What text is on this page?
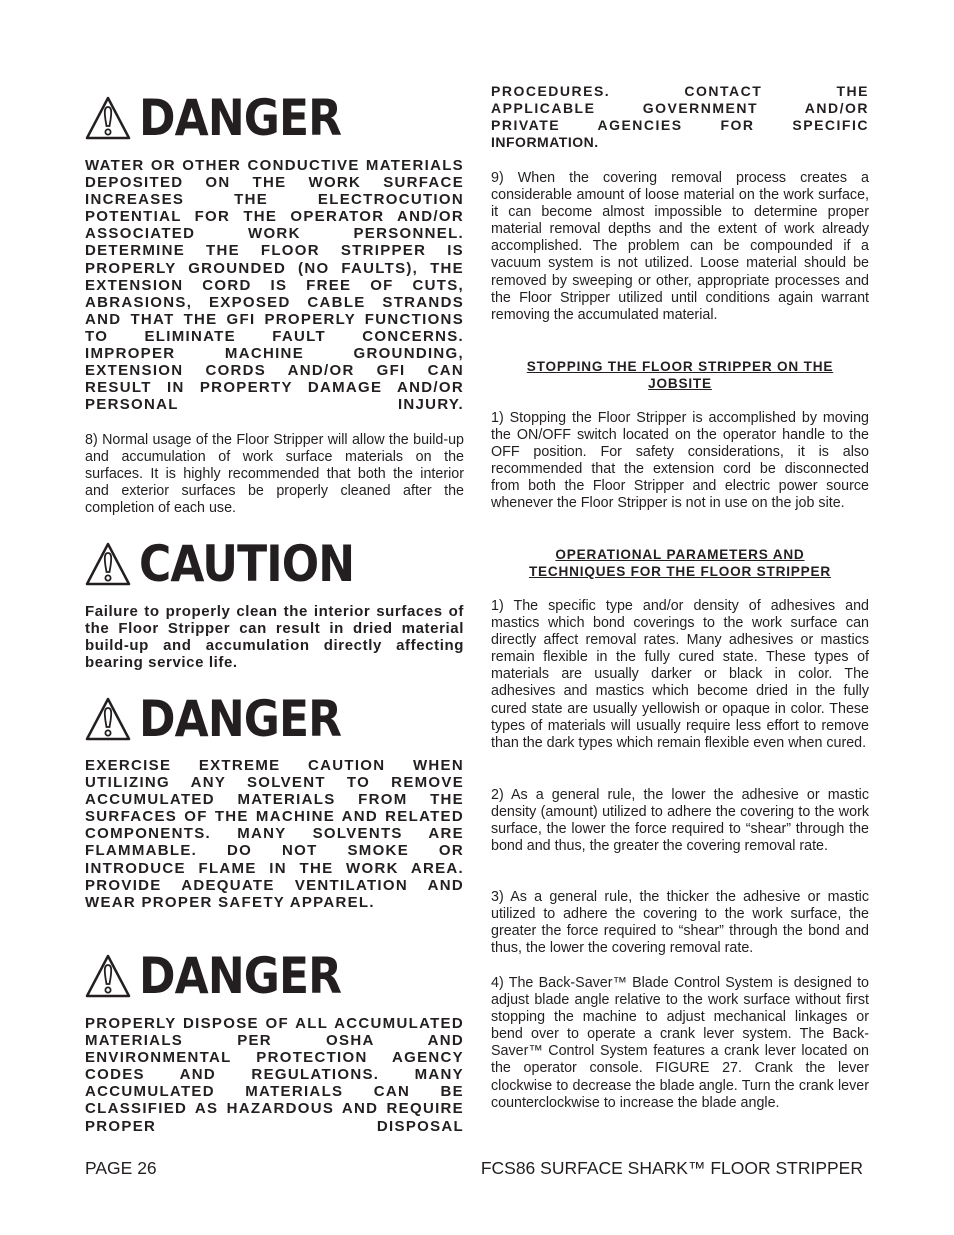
DANGER

WATER OR OTHER CONDUCTIVE MATERIALS DEPOSITED ON THE WORK SURFACE INCREASES THE ELECTROCUTION POTENTIAL FOR THE OPERATOR AND/OR ASSOCIATED WORK PERSONNEL. DETERMINE THE FLOOR STRIPPER IS PROPERLY GROUNDED (NO FAULTS), THE EXTENSION CORD IS FREE OF CUTS, ABRASIONS, EXPOSED CABLE STRANDS AND THAT THE GFI PROPERLY FUNCTIONS TO ELIMINATE FAULT CONCERNS. IMPROPER MACHINE GROUNDING, EXTENSION CORDS AND/OR GFI CAN RESULT IN PROPERTY DAMAGE AND/OR PERSONAL INJURY.

8) Normal usage of the Floor Stripper will allow the build-up and accumulation of work surface materials on the surfaces. It is highly recommended that both the interior and exterior surfaces be properly cleaned after the completion of each use.

CAUTION

Failure to properly clean the interior surfaces of the Floor Stripper can result in dried material build-up and accumulation directly affecting bearing service life.

DANGER

EXERCISE EXTREME CAUTION WHEN UTILIZING ANY SOLVENT TO REMOVE ACCUMULATED MATERIALS FROM THE SURFACES OF THE MACHINE AND RELATED COMPONENTS. MANY SOLVENTS ARE FLAMMABLE. DO NOT SMOKE OR INTRODUCE FLAME IN THE WORK AREA. PROVIDE ADEQUATE VENTILATION AND WEAR PROPER SAFETY APPAREL.

DANGER

PROPERLY DISPOSE OF ALL ACCUMULATED MATERIALS PER OSHA AND ENVIRONMENTAL PROTECTION AGENCY CODES AND REGULATIONS. MANY ACCUMULATED MATERIALS CAN BE CLASSIFIED AS HAZARDOUS AND REQUIRE PROPER DISPOSAL

PROCEDURES. CONTACT THE
APPLICABLE GOVERNMENT AND/OR
PRIVATE AGENCIES FOR SPECIFIC
INFORMATION.

9) When the covering removal process creates a considerable amount of loose material on the work surface, it can become almost impossible to determine proper material removal depths and the extent of work already accomplished. The problem can be compounded if a vacuum system is not utilized. Loose material should be removed by sweeping or other, appropriate processes and the Floor Stripper utilized until conditions again warrant removing the accumulated material.

STOPPING THE FLOOR STRIPPER ON THE
JOBSITE

1) Stopping the Floor Stripper is accomplished by moving the ON/OFF switch located on the operator handle to the OFF position. For safety considerations, it is also recommended that the extension cord be disconnected from both the Floor Stripper and electric power source whenever the Floor Stripper is not in use on the job site.

OPERATIONAL PARAMETERS AND
TECHNIQUES FOR THE FLOOR STRIPPER

1) The specific type and/or density of adhesives and mastics which bond coverings to the work surface can directly affect removal rates. Many adhesives or mastics remain flexible in the fully cured state. These types of materials are usually darker or black in color. The adhesives and mastics which become dried in the fully cured state are usually yellowish or opaque in color. These types of materials will usually require less effort to remove than the dark types which remain flexible even when cured.

2) As a general rule, the lower the adhesive or mastic density (amount) utilized to adhere the covering to the work surface, the lower the force required to “shear” through the bond and thus, the greater the covering removal rate.

3) As a general rule, the thicker the adhesive or mastic utilized to adhere the covering to the work surface, the greater the force required to “shear” through the bond and thus, the lower the covering removal rate.

4) The Back-Saver™ Blade Control System is designed to adjust blade angle relative to the work surface without first stopping the machine to adjust mechanical linkages or bend over to operate a crank lever system. The Back-Saver™ Control System features a crank lever located on the operator console. FIGURE 27. Crank the lever clockwise to decrease the blade angle. Turn the crank lever counterclockwise to increase the blade angle.

PAGE 26	FCS86 SURFACE SHARK™ FLOOR STRIPPER
